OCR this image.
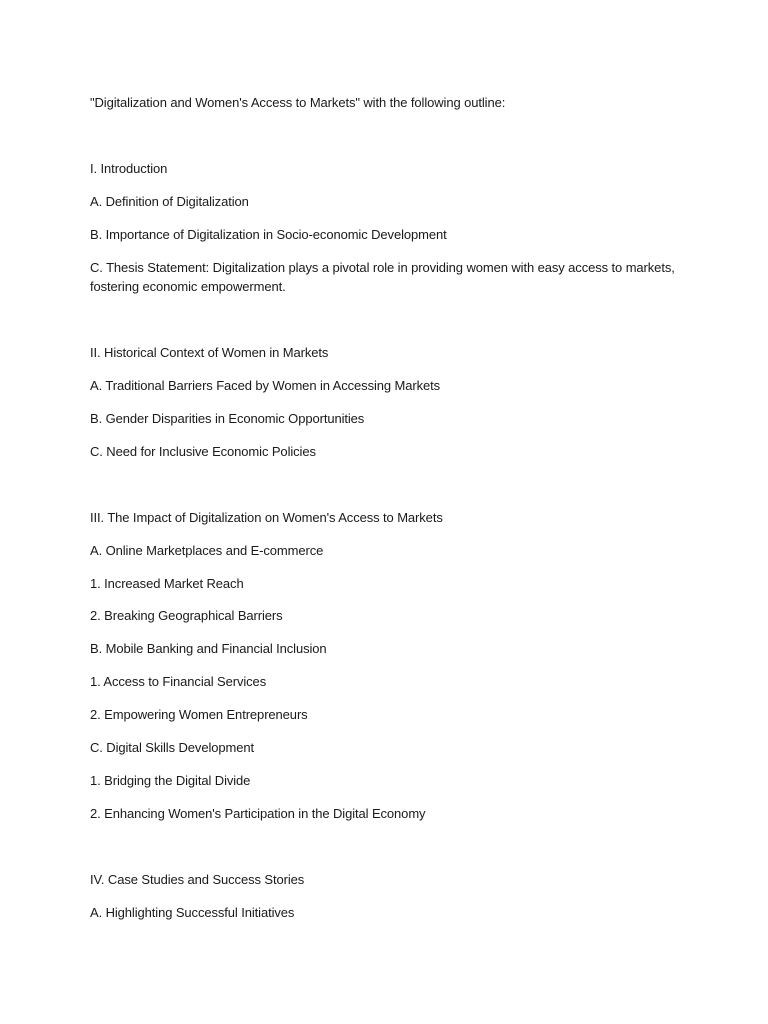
"Digitalization and Women's Access to Markets" with the following outline:
I. Introduction
A. Definition of Digitalization
B. Importance of Digitalization in Socio-economic Development
C. Thesis Statement: Digitalization plays a pivotal role in providing women with easy access to markets, fostering economic empowerment.
II. Historical Context of Women in Markets
A. Traditional Barriers Faced by Women in Accessing Markets
B. Gender Disparities in Economic Opportunities
C. Need for Inclusive Economic Policies
III. The Impact of Digitalization on Women's Access to Markets
A. Online Marketplaces and E-commerce
1. Increased Market Reach
2. Breaking Geographical Barriers
B. Mobile Banking and Financial Inclusion
1. Access to Financial Services
2. Empowering Women Entrepreneurs
C. Digital Skills Development
1. Bridging the Digital Divide
2. Enhancing Women's Participation in the Digital Economy
IV. Case Studies and Success Stories
A. Highlighting Successful Initiatives
